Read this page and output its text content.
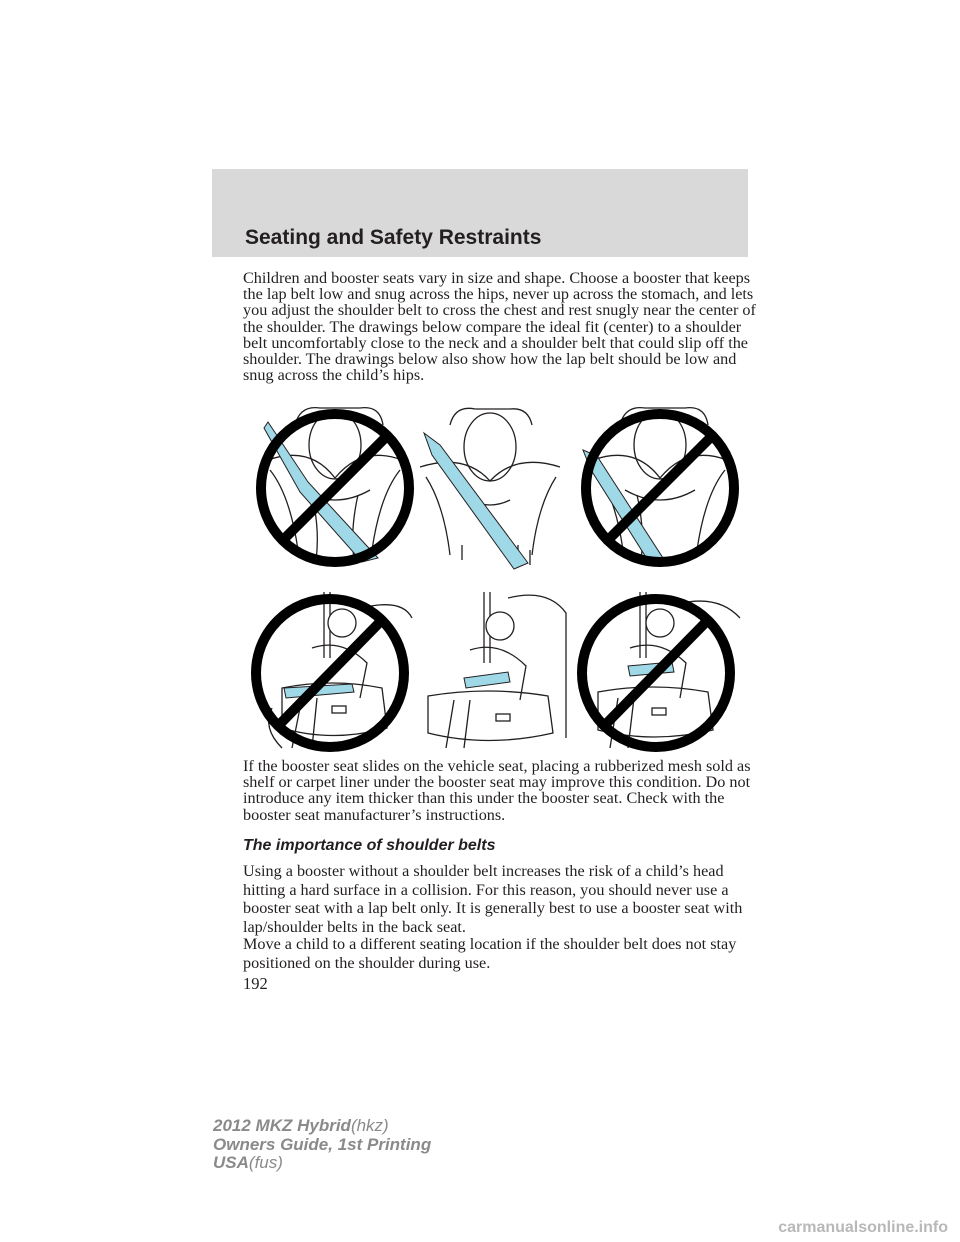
Seating and Safety Restraints

Children and booster seats vary in size and shape. Choose a booster that keeps the lap belt low and snug across the hips, never up across the stomach, and lets you adjust the shoulder belt to cross the chest and rest snugly near the center of the shoulder. The drawings below compare the ideal fit (center) to a shoulder belt uncomfortably close to the neck and a shoulder belt that could slip off the shoulder. The drawings below also show how the lap belt should be low and snug across the child’s hips.

If the booster seat slides on the vehicle seat, placing a rubberized mesh sold as shelf or carpet liner under the booster seat may improve this condition. Do not introduce any item thicker than this under the booster seat. Check with the booster seat manufacturer’s instructions.

The importance of shoulder belts

Using a booster without a shoulder belt increases the risk of a child’s head hitting a hard surface in a collision. For this reason, you should never use a booster seat with a lap belt only. It is generally best to use a booster seat with lap/shoulder belts in the back seat.

Move a child to a different seating location if the shoulder belt does not stay positioned on the shoulder during use.

192
2012 MKZ Hybrid(hkz)
Owners Guide, 1st Printing
USA(fus)
carmanualsonline.info
